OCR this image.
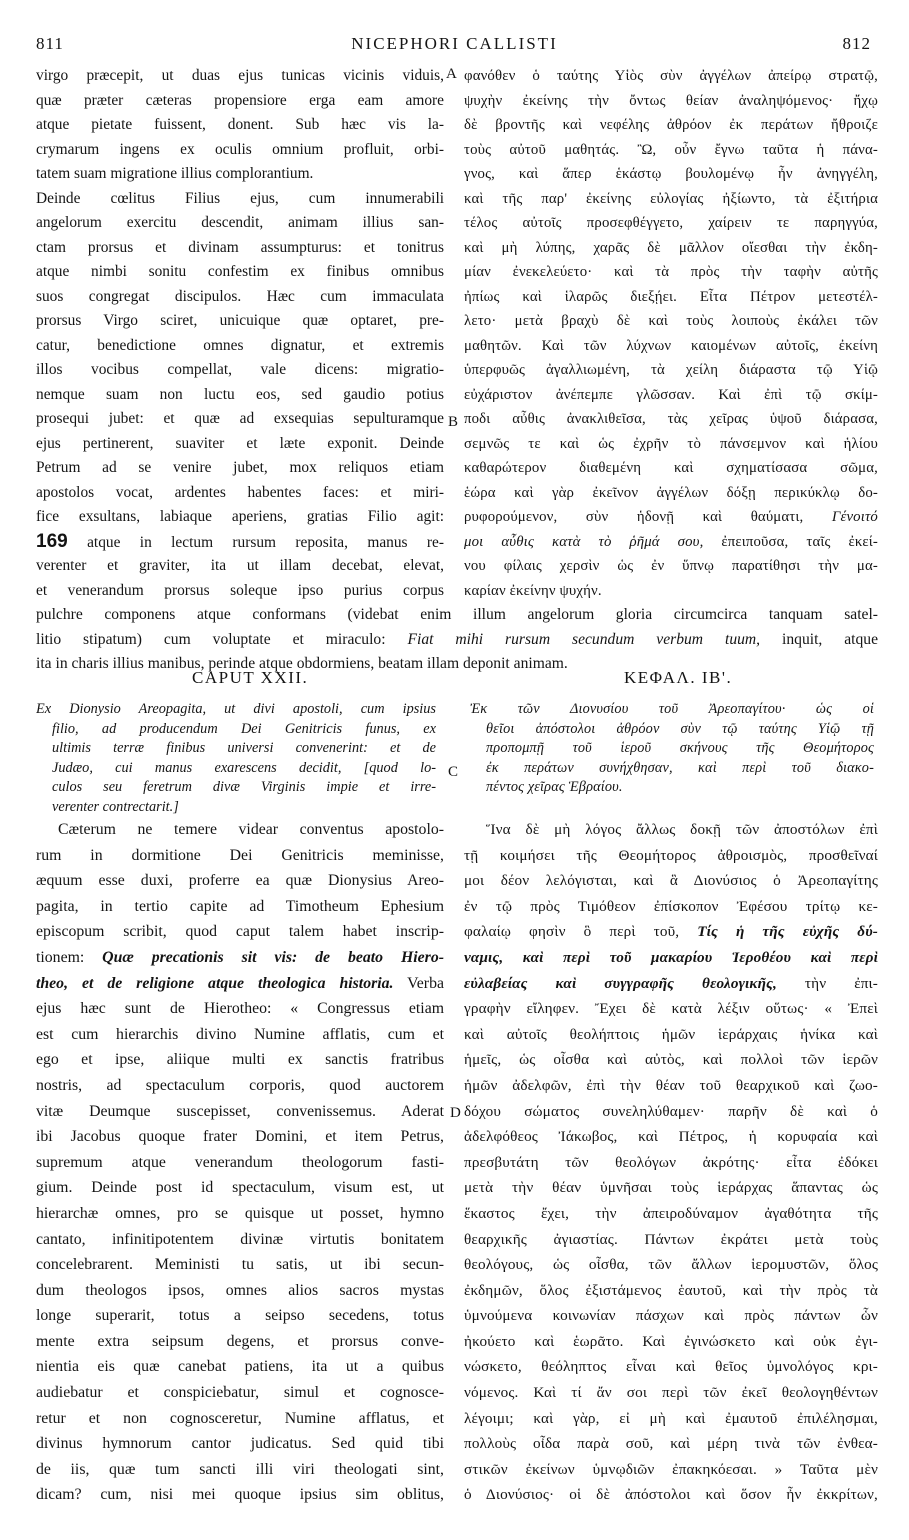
811	NICEPHORI CALLISTI	812
A
B
C
D
virgo præcepit, ut duas ejus tunicas vicinis viduis,
quæ præter cæteras propensiore erga eam amore
atque pietate fuissent, donent. Sub hæc vis la-
crymarum ingens ex oculis omnium profluit, orbi-
tatem suam migratione illius complorantium.
Deinde cœlitus Filius ejus, cum innumerabili
angelorum exercitu descendit, animam illius san-
ctam prorsus et divinam assumpturus: et tonitrus
atque nimbi sonitu confestim ex finibus omnibus
suos congregat discipulos. Hæc cum immaculata
prorsus Virgo sciret, unicuique quæ optaret, pre-
catur, benedictione omnes dignatur, et extremis
illos vocibus compellat, vale dicens: migratio-
nemque suam non luctu eos, sed gaudio potius
prosequi jubet: et quæ ad exsequias sepulturamque
ejus pertinerent, suaviter et læte exponit. Deinde
Petrum ad se venire jubet, mox reliquos etiam
apostolos vocat, ardentes habentes faces: et miri-
fice exsultans, labiaque aperiens, gratias Filio agit:
169 atque in lectum rursum reposita, manus re-
verenter et graviter, ita ut illam decebat, elevat,
et venerandum prorsus soleque ipso purius corpus
φανόθεν ὁ ταύτης Υἱὸς σὺν ἀγγέλων ἀπείρῳ στρατῷ,
ψυχὴν ἐκείνης τὴν ὄντως θείαν ἀναληψόμενος· ἤχῳ
δὲ βροντῆς καὶ νεφέλης ἀθρόον ἐκ περάτων ἤθροιζε
τοὺς αὐτοῦ μαθητάς. Ὢ, οὖν ἔγνω ταῦτα ἡ πάνα-
γνος, καὶ ἅπερ ἑκάστῳ βουλομένῳ ἦν ἀνηγγέλη,
καὶ τῆς παρ' ἐκείνης εὐλογίας ἠξίωντο, τὰ ἐξιτήρια
τέλος αὐτοῖς προσεφθέγγετο, χαίρειν τε παρηγγύα,
καὶ μὴ λύπης, χαρᾶς δὲ μᾶλλον οἴεσθαι τὴν ἐκδη-
μίαν ἐνεκελεύετο· καὶ τὰ πρὸς τὴν ταφὴν αὐτῆς
ἠπίως καὶ ἱλαρῶς διεξῄει. Εἶτα Πέτρον μετεστέλ-
λετο· μετὰ βραχὺ δὲ καὶ τοὺς λοιποὺς ἐκάλει τῶν
μαθητῶν. Καὶ τῶν λύχνων καιομένων αὐτοῖς, ἐκείνη
ὑπερφυῶς ἀγαλλιωμένη, τὰ χείλη διάραστα τῷ Υἱῷ
εὐχάριστον ἀνέπεμπε γλῶσσαν. Καὶ ἐπὶ τῷ σκίμ-
ποδι αὖθις ἀνακλιθεῖσα, τὰς χεῖρας ὑψοῦ διάρασα,
σεμνῶς τε καὶ ὡς ἐχρῆν τὸ πάνσεμνον καὶ ἡλίου
καθαρώτερον διαθεμένη καὶ σχηματίσασα σῶμα,
ἑώρα καὶ γὰρ ἐκεῖνον ἀγγέλων δόξῃ περικύκλῳ δο-
ρυφορούμενον, σὺν ἡδονῇ καὶ θαύματι, Γένοιτό
μοι αὖθις κατὰ τὸ ῥῆμά σου, ἐπειποῦσα, ταῖς ἐκεί-
νου φίλαις χερσὶν ὡς ἐν ὕπνῳ παρατίθησι τὴν μα-
καρίαν ἐκείνην ψυχήν.
pulchre componens atque conformans (videbat enim illum angelorum gloria circumcirca tanquam satel-
litio stipatum) cum voluptate et miraculo: Fiat mihi rursum secundum verbum tuum, inquit, atque
ita in charis illius manibus, perinde atque obdormiens, beatam illam deponit animam.
CAPUT XXII.	ΚΕΦΑΛ. ΙΒ'.
Ex Dionysio Areopagita, ut divi apostoli, cum ipsius
filio, ad producendum Dei Genitricis funus, ex
ultimis terræ finibus universi convenerint: et de
Judæo, cui manus exarescens decidit, [quod lo-
culos seu feretrum divæ Virginis impie et irre-
verenter contrectarit.]
Ἐκ τῶν Διονυσίου τοῦ Ἀρεοπαγίτου· ὡς οἱ
θεῖοι ἀπόστολοι ἀθρόον σὺν τῷ ταύτης Υἱῷ τῇ
προπομπῇ τοῦ ἱεροῦ σκήνους τῆς Θεομήτορος
ἐκ περάτων συνήχθησαν, καὶ περὶ τοῦ διακο-
πέντος χεῖρας Ἑβραίου.
Cæterum ne temere videar conventus apostolo-
rum in dormitione Dei Genitricis meminisse,
æquum esse duxi, proferre ea quæ Dionysius Areo-
pagita, in tertio capite ad Timotheum Ephesium
episcopum scribit, quod caput talem habet inscrip-
tionem: Quæ precationis sit vis: de beato Hiero-
theo, et de religione atque theologica historia. Verba
ejus hæc sunt de Hierotheo: « Congressus etiam
est cum hierarchis divino Numine afflatis, cum et
ego et ipse, aliique multi ex sanctis fratribus
nostris, ad spectaculum corporis, quod auctorem
vitæ Deumque suscepisset, convenissemus. Aderat
ibi Jacobus quoque frater Domini, et item Petrus,
supremum atque venerandum theologorum fasti-
gium. Deinde post id spectaculum, visum est, ut
hierarchæ omnes, pro se quisque ut posset, hymno
cantato, infinitipotentem divinæ virtutis bonitatem
concelebrarent. Meministi tu satis, ut ibi secun-
dum theologos ipsos, omnes alios sacros mystas
longe superarit, totus a seipso secedens, totus
mente extra seipsum degens, et prorsus conve-
nientia eis quæ canebat patiens, ita ut a quibus
audiebatur et conspiciebatur, simul et cognosce-
retur et non cognosceretur, Numine afflatus, et
divinus hymnorum cantor judicatus. Sed quid tibi
de iis, quæ tum sancti illi viri theologati sint,
dicam? cum, nisi mei quoque ipsius sim oblitus,
Ἵνα δὲ μὴ λόγος ἄλλως δοκῇ τῶν ἀποστόλων ἐπὶ
τῇ κοιμήσει τῆς Θεομήτορος ἀθροισμὸς, προσθεῖναί
μοι δέον λελόγισται, καὶ ἃ Διονύσιος ὁ Ἀρεοπαγίτης
ἐν τῷ πρὸς Τιμόθεον ἐπίσκοπον Ἐφέσου τρίτῳ κε-
φαλαίῳ φησὶν ὃ περὶ τοῦ, Τίς ἡ τῆς εὐχῆς δύ-
ναμις, καὶ περὶ τοῦ μακαρίου Ἱεροθέου καὶ περὶ
εὐλαβείας καὶ συγγραφῆς θεολογικῆς, τὴν ἐπι-
γραφὴν εἴληφεν. Ἔχει δὲ κατὰ λέξιν οὕτως· « Ἐπεὶ
καὶ αὐτοῖς θεολήπτοις ἡμῶν ἱεράρχαις ἡνίκα καὶ
ἡμεῖς, ὡς οἶσθα καὶ αὐτὸς, καὶ πολλοὶ τῶν ἱερῶν
ἡμῶν ἀδελφῶν, ἐπὶ τὴν θέαν τοῦ θεαρχικοῦ καὶ ζωο-
δόχου σώματος συνεληλύθαμεν· παρῆν δὲ καὶ ὁ
ἀδελφόθεος Ἰάκωβος, καὶ Πέτρος, ἡ κορυφαία καὶ
πρεσβυτάτη τῶν θεολόγων ἀκρότης· εἶτα ἐδόκει
μετὰ τὴν θέαν ὑμνῆσαι τοὺς ἱεράρχας ἅπαντας ὡς
ἕκαστος ἔχει, τὴν ἀπειροδύναμον ἀγαθότητα τῆς
θεαρχικῆς ἀγιαστίας. Πάντων ἐκράτει μετὰ τοὺς
θεολόγους, ὡς οἶσθα, τῶν ἄλλων ἱερομυστῶν, ὅλος
ἐκδημῶν, ὅλος ἐξιστάμενος ἑαυτοῦ, καὶ τὴν πρὸς τὰ
ὑμνούμενα κοινωνίαν πάσχων καὶ πρὸς πάντων ὧν
ἠκούετο καὶ ἑωρᾶτο. Καὶ ἐγινώσκετο καὶ οὐκ ἐγι-
νώσκετο, θεόληπτος εἶναι καὶ θεῖος ὑμνολόγος κρι-
νόμενος. Καὶ τί ἄν σοι περὶ τῶν ἐκεῖ θεολογηθέντων
λέγοιμι; καὶ γὰρ, εἰ μὴ καὶ ἐμαυτοῦ ἐπιλέλησμαι,
πολλοὺς οἶδα παρὰ σοῦ, καὶ μέρη τινὰ τῶν ἐνθεα-
στικῶν ἐκείνων ὑμνῳδιῶν ἐπακηκόεσαι. » Ταῦτα μὲν
ὁ Διονύσιος· οἱ δὲ ἀπόστολοι καὶ ὅσον ἦν ἐκκρίτων,
